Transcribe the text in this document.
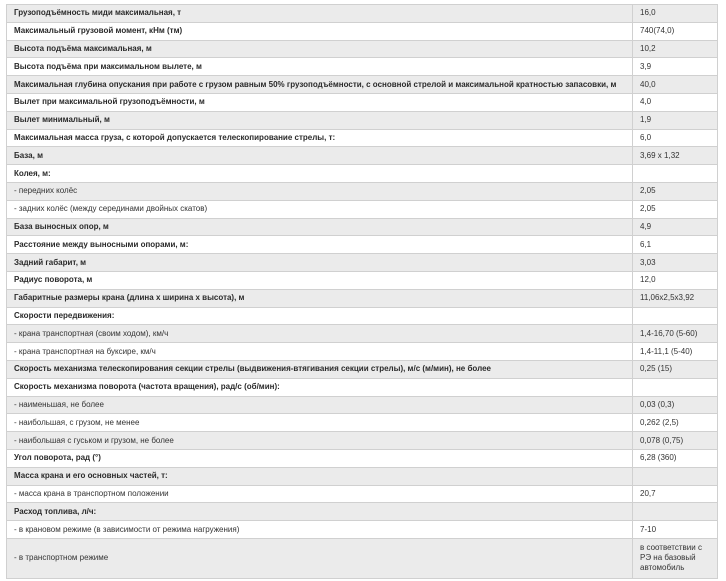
Грузоподъёмность миди максимальная, т	16,0
Максимальный грузовой момент, кНм (тм)	740(74,0)
Высота подъёма максимальная, м	10,2
Высота подъёма при максимальном вылете, м	3,9
Максимальная глубина опускания при работе с грузом равным 50% грузоподъёмности, с основной стрелой и максимальной кратностью запасовки, м	40,0
Вылет при максимальной грузоподъёмности, м	4,0
Вылет минимальный, м	1,9
Максимальная масса груза, с которой допускается телескопирование стрелы, т:	6,0
База, м	3,69 x 1,32
Колея, м:	
- передних колёс	2,05
- задних колёс (между серединами двойных скатов)	2,05
База выносных опор, м	4,9
Расстояние между выносными опорами, м:	6,1
Задний габарит, м	3,03
Радиус поворота, м	12,0
Габаритные размеры крана (длина х ширина х высота), м	11,06х2,5х3,92
Скорости передвижения:	
- крана транспортная (своим ходом), км/ч	1,4-16,70 (5-60)
- крана транспортная на буксире, км/ч	1,4-11,1 (5-40)
Скорость механизма телескопирования секции стрелы (выдвижения-втягивания секции стрелы), м/с (м/мин), не более	0,25 (15)
Скорость механизма поворота (частота вращения), рад/с (об/мин):	
- наименьшая, не более	0,03 (0,3)
- наибольшая, с грузом, не менее	0,262 (2,5)
- наибольшая с гуськом и грузом, не более	0,078 (0,75)
Угол поворота, рад (°)	6,28 (360)
Масса крана и его основных частей, т:	
- масса крана в транспортном положении	20,7
Расход топлива, л/ч:	
- в крановом режиме (в зависимости от режима нагружения)	7-10
- в транспортном режиме	в соответствии с РЭ на базовый автомобиль
